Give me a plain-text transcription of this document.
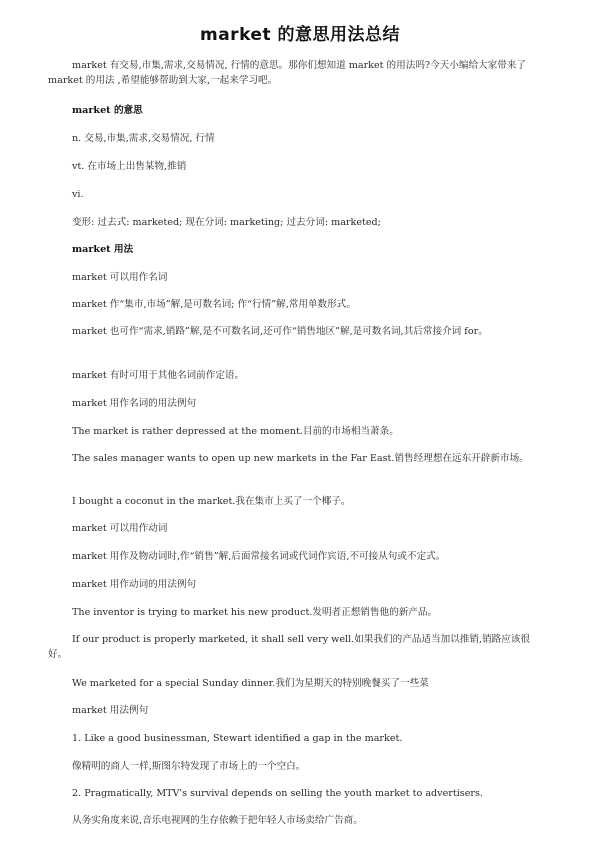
market 的意思用法总结
market 有交易,市集,需求,交易情况, 行情的意思。那你们想知道 market 的用法吗?今天小编给大家带来了 market 的用法 ,希望能够帮助到大家,一起来学习吧。
market 的意思
n. 交易,市集,需求,交易情况, 行情
vt. 在市场上出售某物,推销
vi.
变形: 过去式: marketed; 现在分词: marketing; 过去分词: marketed;
market 用法
market 可以用作名词
market 作“集市,市场”解,是可数名词; 作“行情”解,常用单数形式。
market 也可作“需求,销路”解,是不可数名词,还可作“销售地区”解,是可数名词,其后常接介词 for。
market 有时可用于其他名词前作定语。
market 用作名词的用法例句
The market is rather depressed at the moment.目前的市场相当萧条。
The sales manager wants to open up new markets in the Far East.销售经理想在远东开辟新市场。
I bought a coconut in the market.我在集市上买了一个椰子。
market 可以用作动词
market 用作及物动词时,作“销售”解,后面常接名词或代词作宾语,不可接从句或不定式。
market 用作动词的用法例句
The inventor is trying to market his new product.发明者正想销售他的新产品。
If our product is properly marketed, it shall sell very well.如果我们的产品适当加以推销,销路应该很好。
We marketed for a special Sunday dinner.我们为星期天的特别晚餐买了一些菜
market 用法例句
1. Like a good businessman, Stewart identified a gap in the market.
像精明的商人一样,斯图尔特发现了市场上的一个空白。
2. Pragmatically, MTV's survival depends on selling the youth market to advertisers.
从务实角度来说,音乐电视网的生存依赖于把年轻人市场卖给广告商。
